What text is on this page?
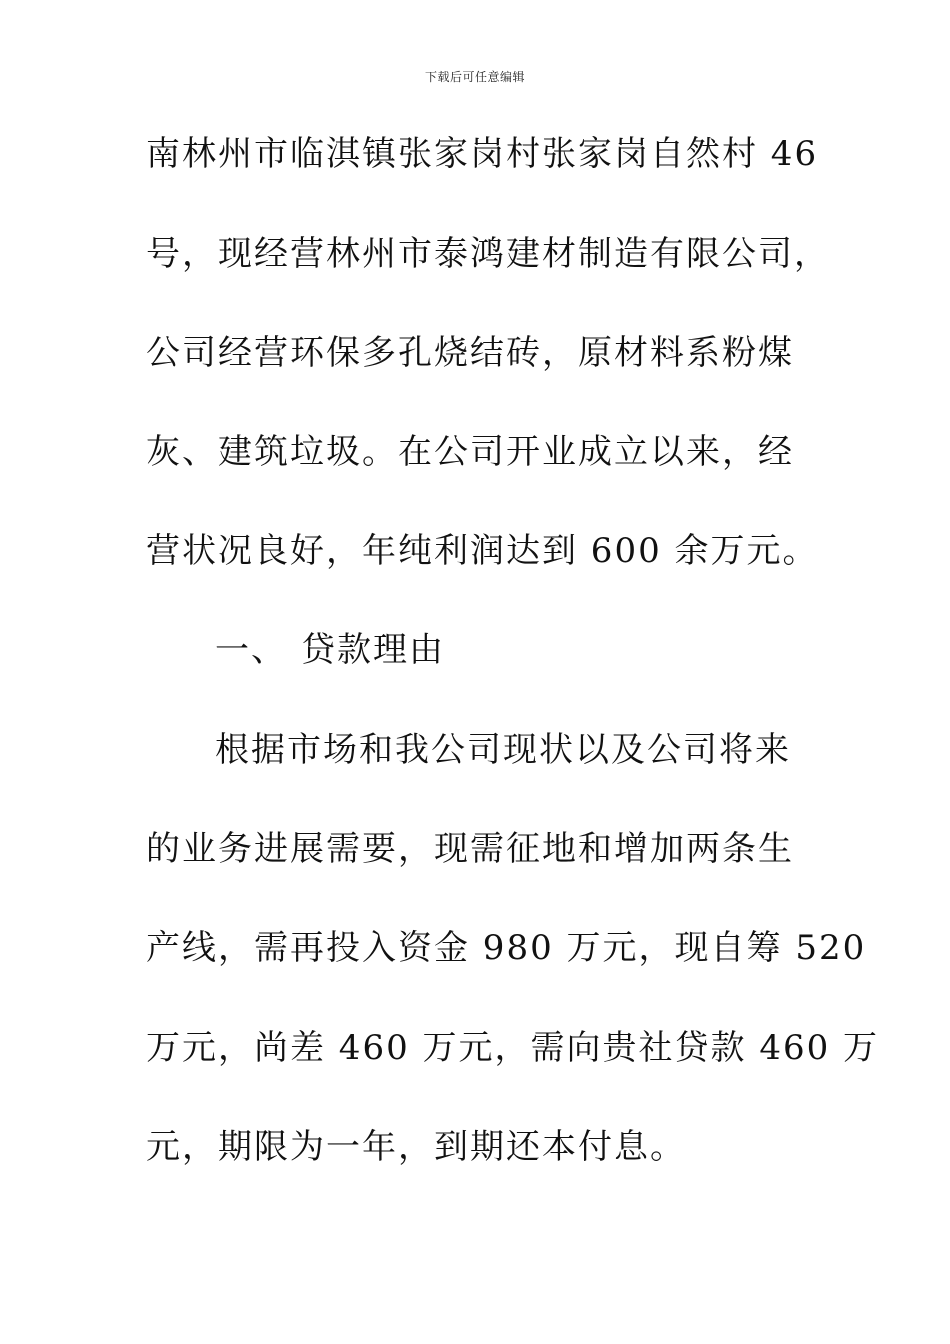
下载后可任意编辑
南林州市临淇镇张家岗村张家岗自然村 46
号，现经营林州市泰鸿建材制造有限公司，
公司经营环保多孔烧结砖，原材料系粉煤
灰、建筑垃圾。在公司开业成立以来，经
营状况良好，年纯利润达到 600 余万元。
一、 贷款理由
根据市场和我公司现状以及公司将来
的业务进展需要，现需征地和增加两条生
产线，需再投入资金 980 万元，现自筹 520
万元，尚差 460 万元，需向贵社贷款 460 万
元，期限为一年，到期还本付息。
